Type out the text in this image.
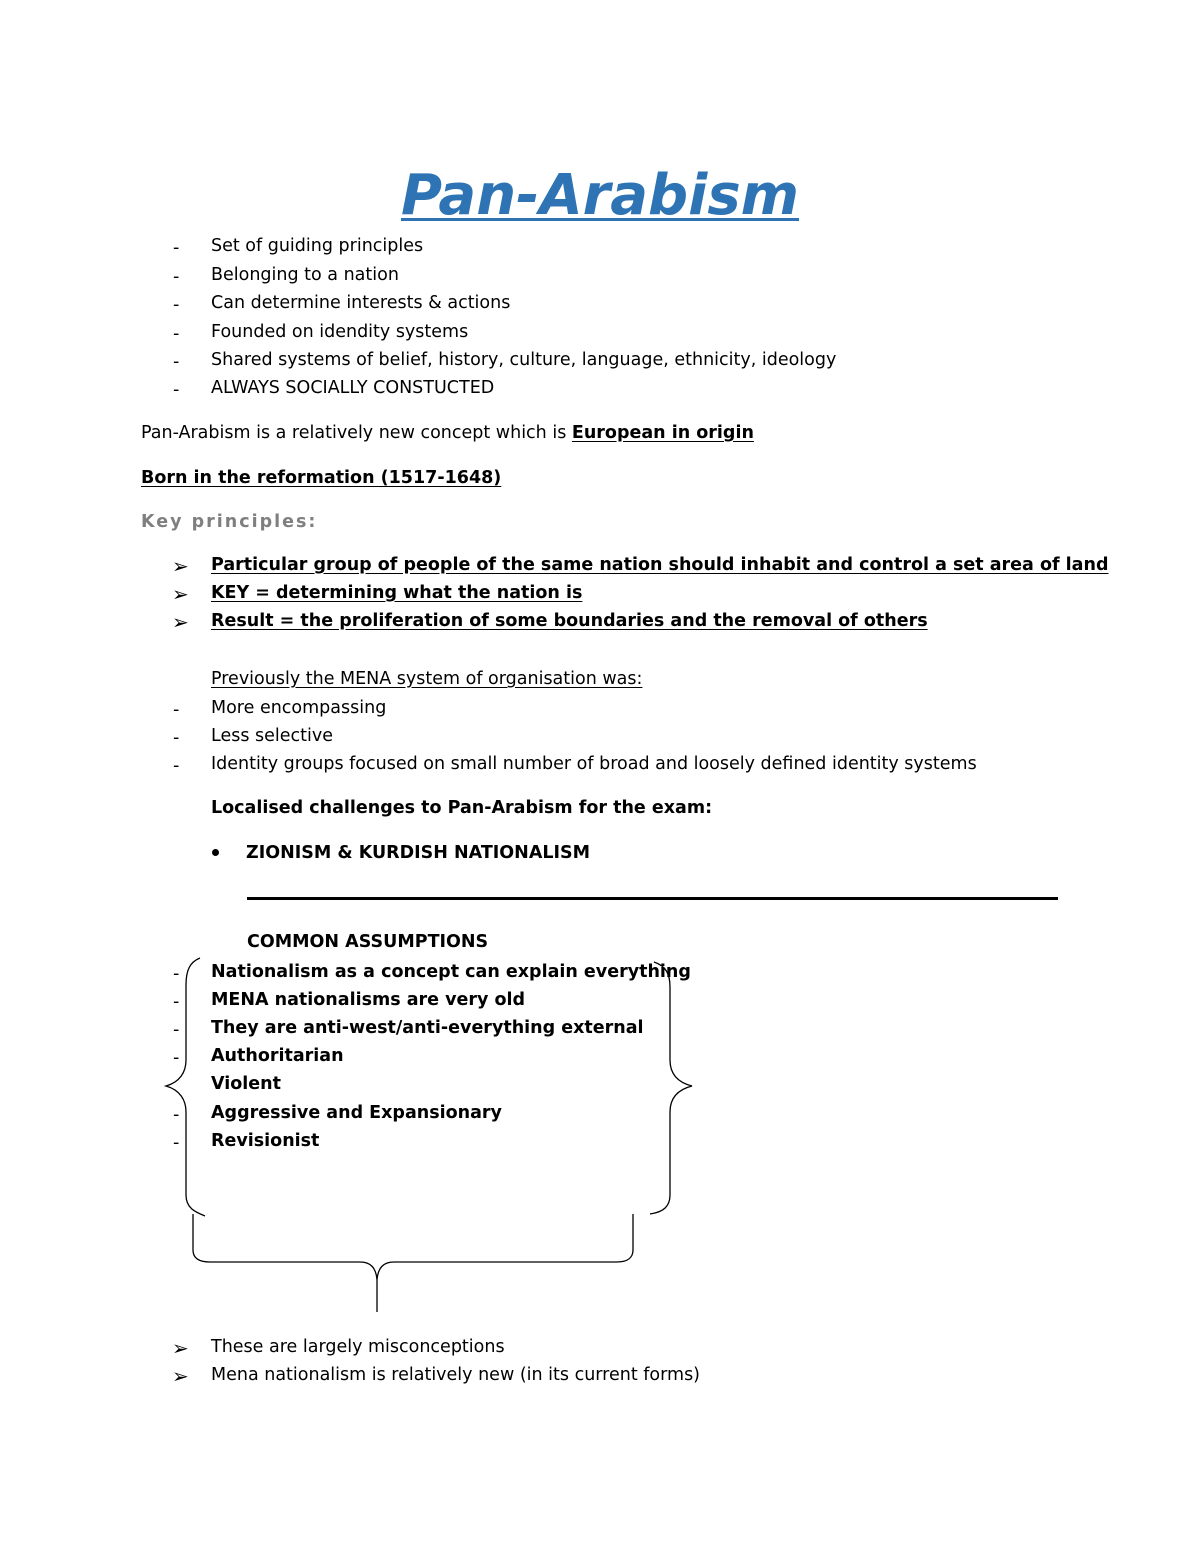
Pan-Arabism
- Set of guiding principles
- Belonging to a nation
- Can determine interests & actions
- Founded on idendity systems
- Shared systems of belief, history, culture, language, ethnicity, ideology
- ALWAYS SOCIALLY CONSTUCTED
Pan-Arabism is a relatively new concept which is European in origin
Born in the reformation (1517-1648)
Key principles:
➢ Particular group of people of the same nation should inhabit and control a set area of land
➢ KEY = determining what the nation is
➢ Result = the proliferation of some boundaries and the removal of others
Previously the MENA system of organisation was:
- More encompassing
- Less selective
- Identity groups focused on small number of broad and loosely defined identity systems
Localised challenges to Pan-Arabism for the exam:
ZIONISM & KURDISH NATIONALISM
COMMON ASSUMPTIONS
- Nationalism as a concept can explain everything
- MENA nationalisms are very old
- They are anti-west/anti-everything external
- Authoritarian
Violent
- Aggressive and Expansionary
- Revisionist
➢ These are largely misconceptions
➢ Mena nationalism is relatively new (in its current forms)
